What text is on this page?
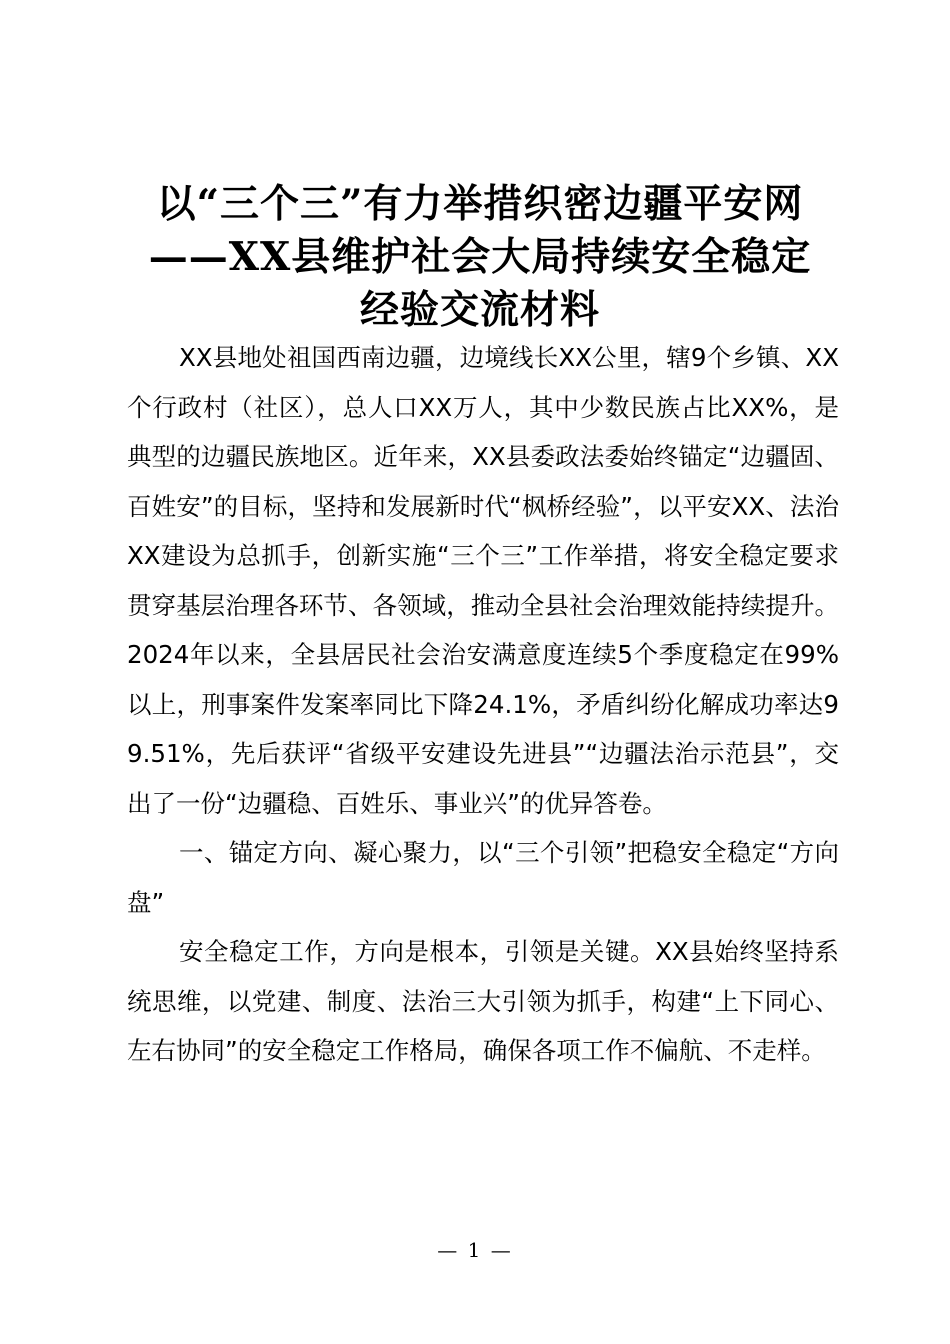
以“三个三”有力举措织密边疆平安网
——XX县维护社会大局持续安全稳定
经验交流材料

XX县地处祖国西南边疆，边境线长XX公里，辖9个乡镇、XX个行政村（社区），总人口XX万人，其中少数民族占比XX%，是典型的边疆民族地区。近年来，XX县委政法委始终锚定“边疆固、百姓安”的目标，坚持和发展新时代“枫桥经验”，以平安XX、法治XX建设为总抓手，创新实施“三个三”工作举措，将安全稳定要求贯穿基层治理各环节、各领域，推动全县社会治理效能持续提升。2024年以来，全县居民社会治安满意度连续5个季度稳定在99%以上，刑事案件发案率同比下降24.1%，矛盾纠纷化解成功率达99.51%，先后获评“省级平安建设先进县”“边疆法治示范县”，交出了一份“边疆稳、百姓乐、事业兴”的优异答卷。

一、锚定方向、凝心聚力，以“三个引领”把稳安全稳定“方向盘”

安全稳定工作，方向是根本，引领是关键。XX县始终坚持系统思维，以党建、制度、法治三大引领为抓手，构建“上下同心、左右协同”的安全稳定工作格局，确保各项工作不偏航、不走样。

— 1 —
